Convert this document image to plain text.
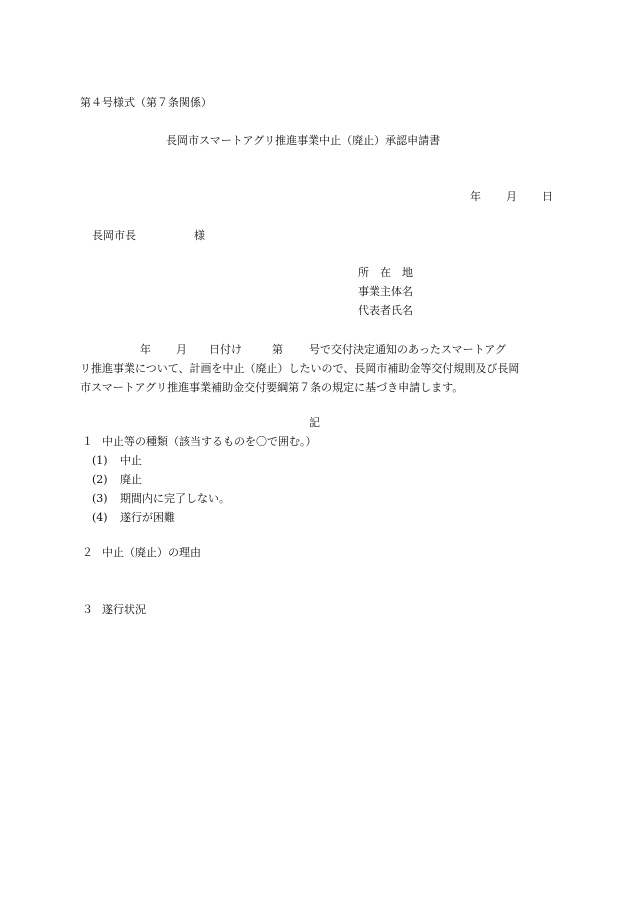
第４号様式（第７条関係）
長岡市スマートアグリ推進事業中止（廃止）承認申請書
年 月 日
長岡市長	様
所　在　地
事業主体名
代表者氏名
年 月 日付け	第 号で交付決定通知のあったスマートアグ
リ推進事業について、計画を中止（廃止）したいので、長岡市補助金等交付規則及び長岡
市スマートアグリ推進事業補助金交付要綱第７条の規定に基づき申請します。
記
１ 中止等の種類（該当するものを〇で囲む。）
(1) 中止
(2) 廃止
(3) 期間内に完了しない。
(4) 遂行が困難
２ 中止（廃止）の理由
３ 遂行状況
